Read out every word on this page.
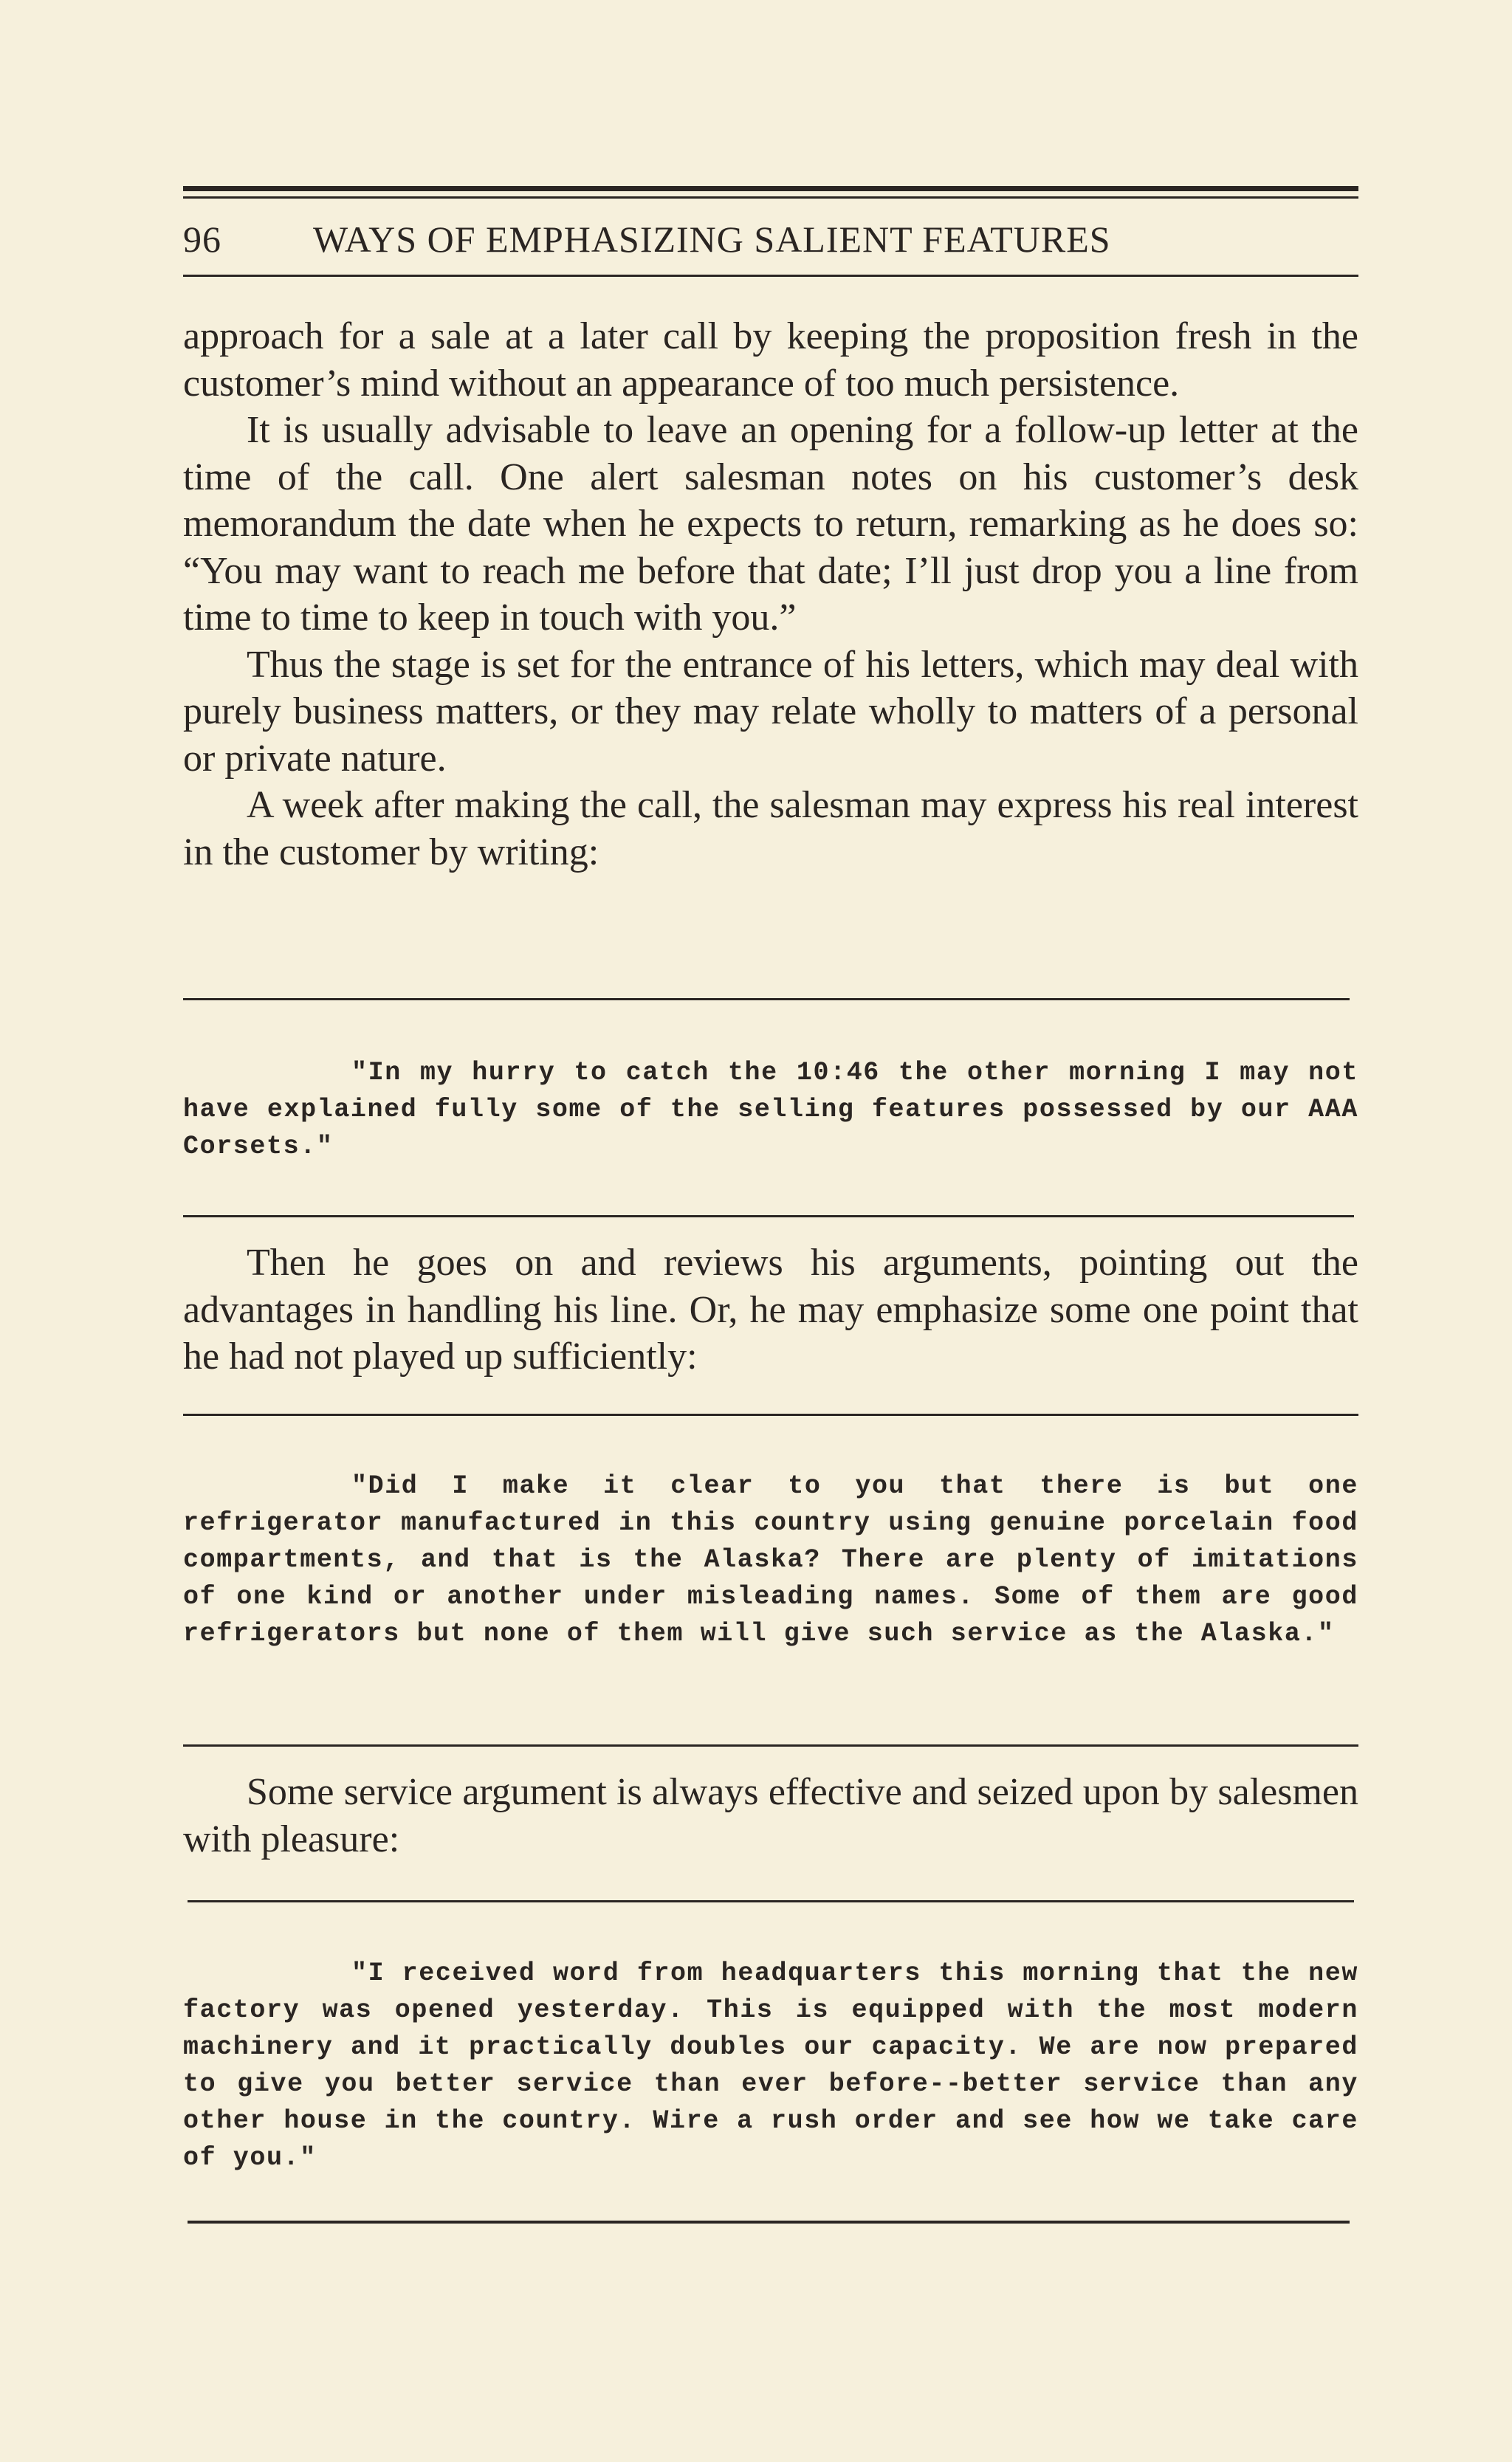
96 WAYS OF EMPHASIZING SALIENT FEATURES

approach for a sale at a later call by keeping the proposition fresh in the customer’s mind without an appearance of too much persistence.

It is usually advisable to leave an opening for a follow-up letter at the time of the call. One alert salesman notes on his customer’s desk memorandum the date when he expects to return, remarking as he does so: “You may want to reach me before that date; I’ll just drop you a line from time to time to keep in touch with you.”

Thus the stage is set for the entrance of his letters, which may deal with purely business matters, or they may relate wholly to matters of a personal or private nature.

A week after making the call, the salesman may express his real interest in the customer by writing:

"In my hurry to catch the 10:46 the other morning I may not have explained fully some of the selling features possessed by our AAA Corsets."

Then he goes on and reviews his arguments, pointing out the advantages in handling his line. Or, he may emphasize some one point that he had not played up sufficiently:

"Did I make it clear to you that there is but one refrigerator manufactured in this country using genuine porcelain food compartments, and that is the Alaska? There are plenty of imitations of one kind or another under misleading names. Some of them are good refrigerators but none of them will give such service as the Alaska."

Some service argument is always effective and seized upon by salesmen with pleasure:

"I received word from headquarters this morning that the new factory was opened yesterday. This is equipped with the most modern machinery and it practically doubles our capacity. We are now prepared to give you better service than ever before--better service than any other house in the country. Wire a rush order and see how we take care of you."
